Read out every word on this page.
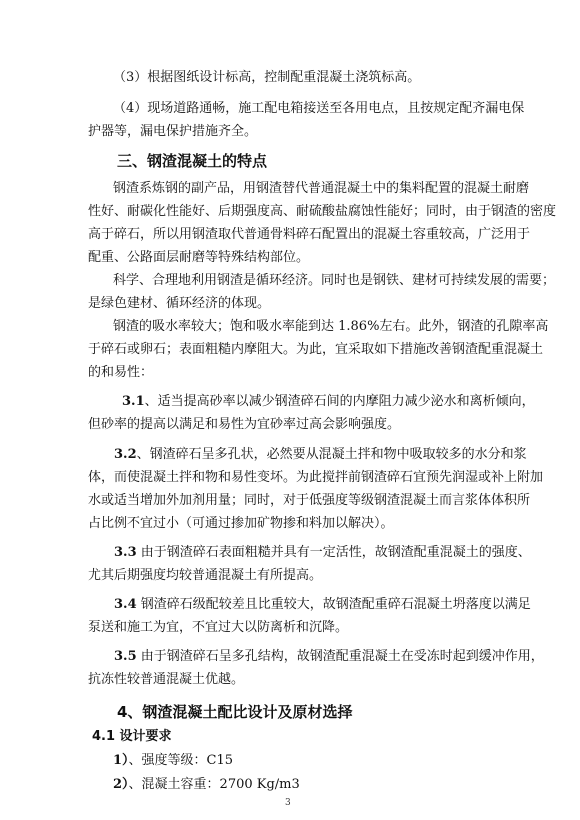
（3）根据图纸设计标高，控制配重混凝土浇筑标高。
（4）现场道路通畅，施工配电箱接送至各用电点，且按规定配齐漏电保
护器等，漏电保护措施齐全。
三、钢渣混凝土的特点
钢渣系炼钢的副产品，用钢渣替代普通混凝土中的集料配置的混凝土耐磨
性好、耐碳化性能好、后期强度高、耐硫酸盐腐蚀性能好；同时，由于钢渣的密度
高于碎石，所以用钢渣取代普通骨料碎石配置出的混凝土容重较高，广泛用于
配重、公路面层耐磨等特殊结构部位。
科学、合理地利用钢渣是循环经济。同时也是钢铁、建材可持续发展的需要；
是绿色建材、循环经济的体现。
钢渣的吸水率较大；饱和吸水率能到达 1.86%左右。此外，钢渣的孔隙率高
于碎石或卵石；表面粗糙内摩阻大。为此，宜采取如下措施改善钢渣配重混凝土
的和易性：
3.1、适当提高砂率以减少钢渣碎石间的内摩阻力减少泌水和离析倾向，
但砂率的提高以满足和易性为宜砂率过高会影响强度。
3.2、钢渣碎石呈多孔状，必然要从混凝土拌和物中吸取较多的水分和浆
体，而使混凝土拌和物和易性变坏。为此搅拌前钢渣碎石宜预先润湿或补上附加
水或适当增加外加剂用量；同时，对于低强度等级钢渣混凝土而言浆体体积所
占比例不宜过小（可通过掺加矿物掺和料加以解决）。
3.3 由于钢渣碎石表面粗糙并具有一定活性，故钢渣配重混凝土的强度、
尤其后期强度均较普通混凝土有所提高。
3.4 钢渣碎石级配较差且比重较大，故钢渣配重碎石混凝土坍落度以满足
泵送和施工为宜，不宜过大以防离析和沉降。
3.5 由于钢渣碎石呈多孔结构，故钢渣配重混凝土在受冻时起到缓冲作用，
抗冻性较普通混凝土优越。
4、钢渣混凝土配比设计及原材选择
4.1 设计要求
1）、强度等级：C15
2）、混凝土容重：2700 Kg/m3
3
